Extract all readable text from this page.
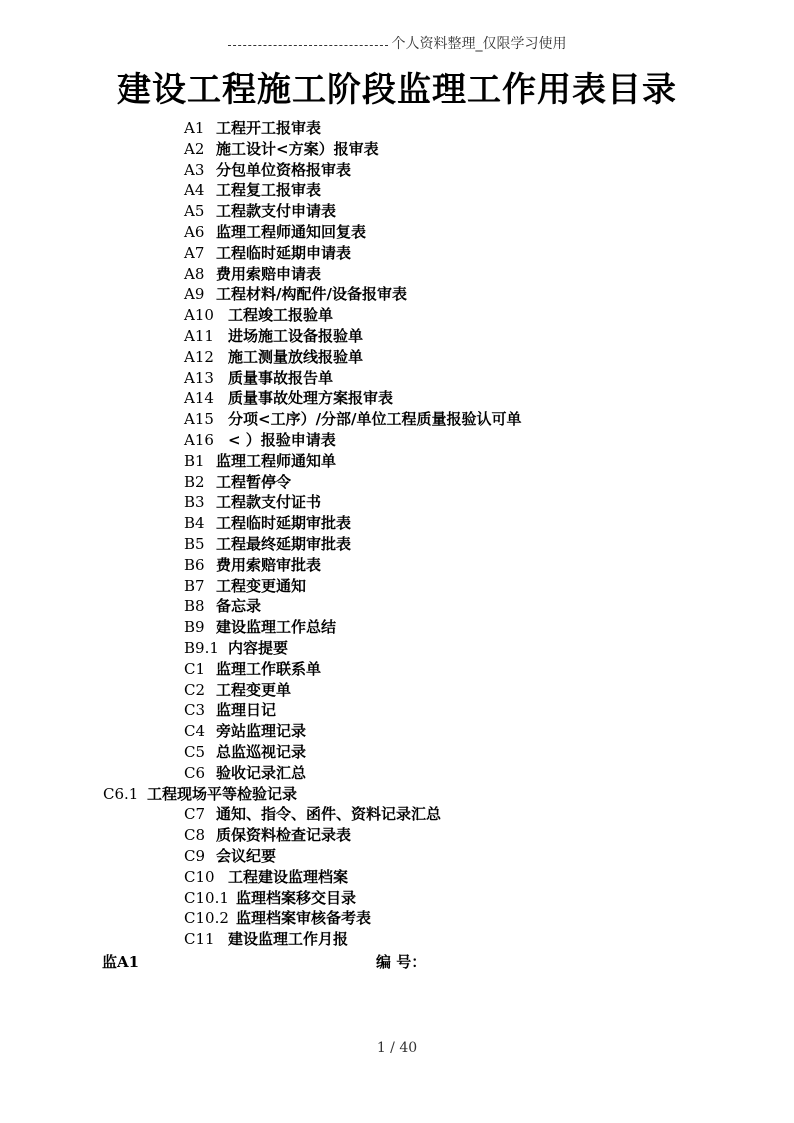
个人资料整理_仅限学习使用
建设工程施工阶段监理工作用表目录
A1 工程开工报审表
A2 施工设计<方案）报审表
A3 分包单位资格报审表
A4 工程复工报审表
A5 工程款支付申请表
A6 监理工程师通知回复表
A7 工程临时延期申请表
A8 费用索赔申请表
A9 工程材料/构配件/设备报审表
A10 工程竣工报验单
A11 进场施工设备报验单
A12 施工测量放线报验单
A13 质量事故报告单
A14 质量事故处理方案报审表
A15 分项<工序）/分部/单位工程质量报验认可单
A16 < ）报验申请表
B1 监理工程师通知单
B2 工程暂停令
B3 工程款支付证书
B4 工程临时延期审批表
B5 工程最终延期审批表
B6 费用索赔审批表
B7 工程变更通知
B8 备忘录
B9 建设监理工作总结
B9.1 内容提要
C1 监理工作联系单
C2 工程变更单
C3 监理日记
C4 旁站监理记录
C5 总监巡视记录
C6 验收记录汇总
C6.1 工程现场平等检验记录
C7 通知、指令、函件、资料记录汇总
C8 质保资料检查记录表
C9 会议纪要
C10 工程建设监理档案
C10.1 监理档案移交目录
C10.2 监理档案审核备考表
C11 建设监理工作月报
监A1	编 号：
1 / 40
